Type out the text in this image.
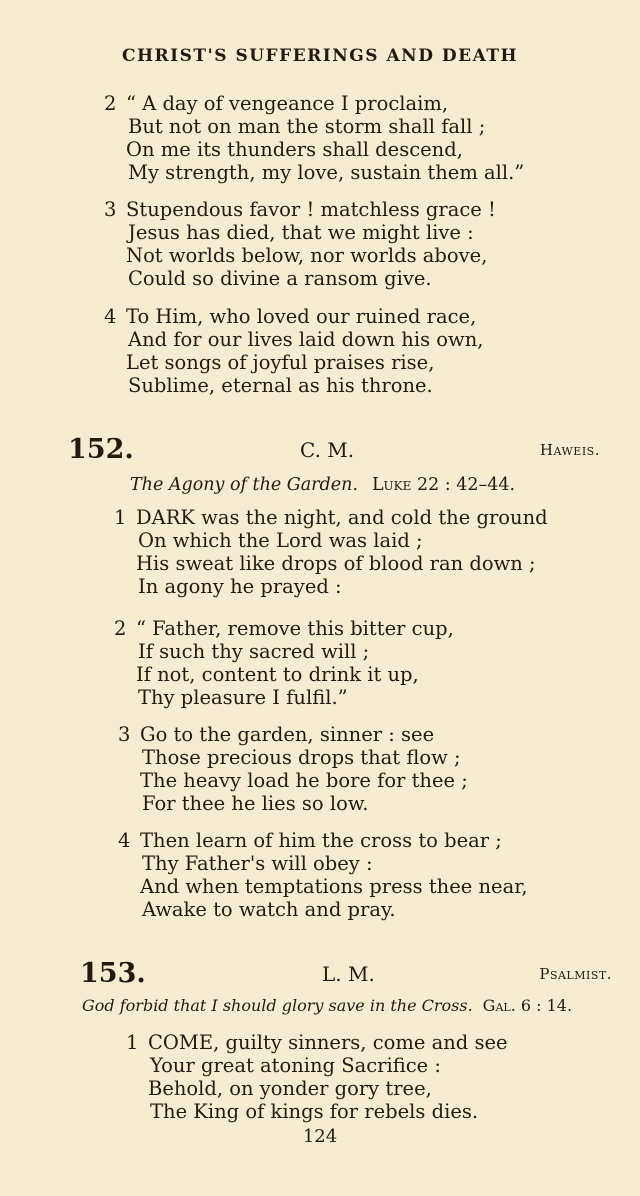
CHRIST'S SUFFERINGS AND DEATH
2 “ A day of vengeance I proclaim,
But not on man the storm shall fall ;
On me its thunders shall descend,
My strength, my love, sustain them all.”
3 Stupendous favor ! matchless grace !
Jesus has died, that we might live :
Not worlds below, nor worlds above,
Could so divine a ransom give.
4 To Him, who loved our ruined race,
And for our lives laid down his own,
Let songs of joyful praises rise,
Sublime, eternal as his throne.
152.	C. M.	Haweis.
The Agony of the Garden. Luke 22 : 42–44.
1 DARK was the night, and cold the ground
On which the Lord was laid ;
His sweat like drops of blood ran down ;
In agony he prayed :
2 “ Father, remove this bitter cup,
If such thy sacred will ;
If not, content to drink it up,
Thy pleasure I fulfil.”
3 Go to the garden, sinner : see
Those precious drops that flow ;
The heavy load he bore for thee ;
For thee he lies so low.
4 Then learn of him the cross to bear ;
Thy Father's will obey :
And when temptations press thee near,
Awake to watch and pray.
153.	L. M.	Psalmist.
God forbid that I should glory save in the Cross. Gal. 6 : 14.
1 COME, guilty sinners, come and see
Your great atoning Sacrifice :
Behold, on yonder gory tree,
The King of kings for rebels dies.
124
